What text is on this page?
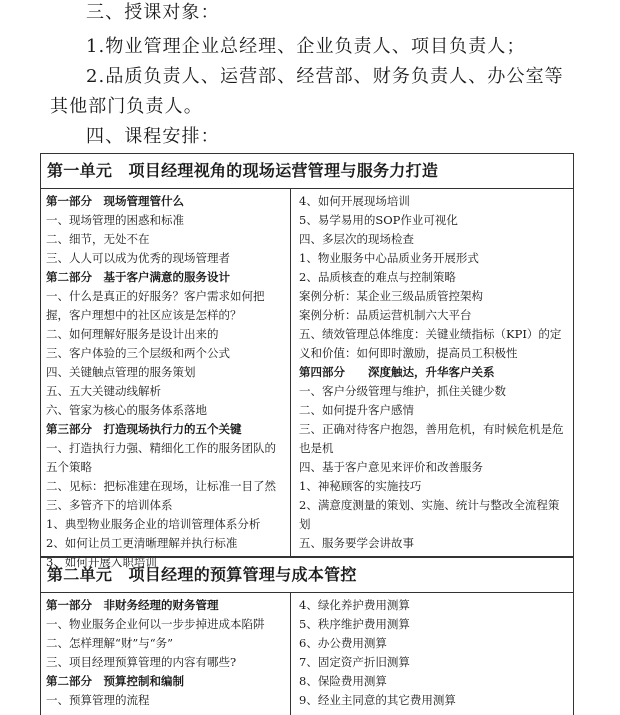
三、授课对象：
1.物业管理企业总经理、企业负责人、项目负责人；
2.品质负责人、运营部、经营部、财务负责人、办公室等
其他部门负责人。
四、课程安排：
第一单元　项目经理视角的现场运营管理与服务力打造
第一部分　现场管理管什么
一、现场管理的困惑和标准
二、细节，无处不在
三、人人可以成为优秀的现场管理者
第二部分　基于客户满意的服务设计
一、什么是真正的好服务？客户需求如何把握，客户理想中的社区应该是怎样的？
二、如何理解好服务是设计出来的
三、客户体验的三个层级和两个公式
四、关键触点管理的服务策划
五、五大关键动线解析
六、管家为核心的服务体系落地
第三部分　打造现场执行力的五个关键
一、打造执行力强、精细化工作的服务团队的五个策略
二、见标：把标准建在现场，让标准一目了然
三、多管齐下的培训体系
1、典型物业服务企业的培训管理体系分析
2、如何让员工更清晰理解并执行标准
3、如何开展入职培训
4、如何开展现场培训
5、易学易用的SOP作业可视化
四、多层次的现场检查
1、物业服务中心品质业务开展形式
2、品质核查的难点与控制策略
案例分析：某企业三级品质管控架构
案例分析：品质运营机制六大平台
五、绩效管理总体维度：关键业绩指标（KPI）的定义和价值：如何即时激励，提高员工积极性
第四部分　　深度触达，升华客户关系
一、客户分级管理与维护，抓住关键少数
二、如何提升客户感情
三、正确对待客户抱怨，善用危机，有时候危机是危也是机
四、基于客户意见来评价和改善服务
1、神秘顾客的实施技巧
2、满意度测量的策划、实施、统计与整改全流程策划
五、服务要学会讲故事
第二单元　项目经理的预算管理与成本管控
第一部分　非财务经理的财务管理
一、物业服务企业何以一步步掉进成本陷阱
二、怎样理解“财”与“务”
三、项目经理预算管理的内容有哪些?
第二部分　预算控制和编制
一、预算管理的流程
4、绿化养护费用测算
5、秩序维护费用测算
6、办公费用测算
7、固定资产折旧测算
8、保险费用测算
9、经业主同意的其它费用测算
